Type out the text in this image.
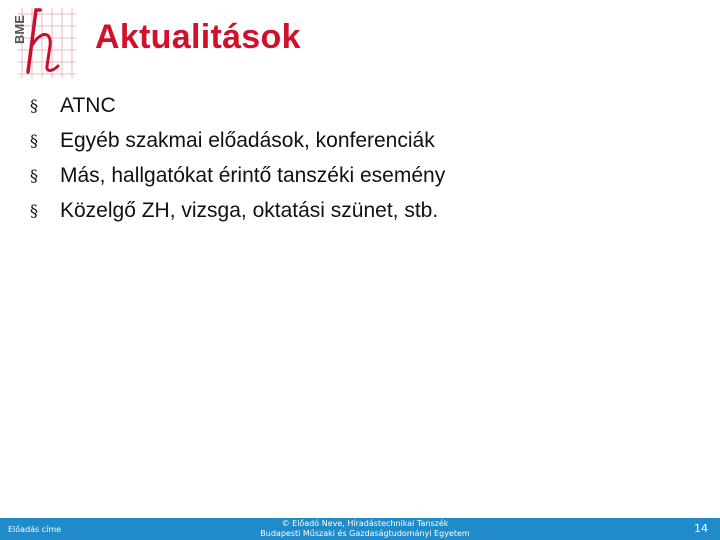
BME Aktualitások
§	ATNC
§	Egyéb szakmai előadások, konferenciák
§	Más, hallgatókat érintő tanszéki esemény
§	Közelgő ZH, vizsga, oktatási szünet, stb.
Előadás címe
© Előadó Neve, Híradástechnikai Tanszék
Budapesti Műszaki és Gazdaságtudományi Egyetem	14
